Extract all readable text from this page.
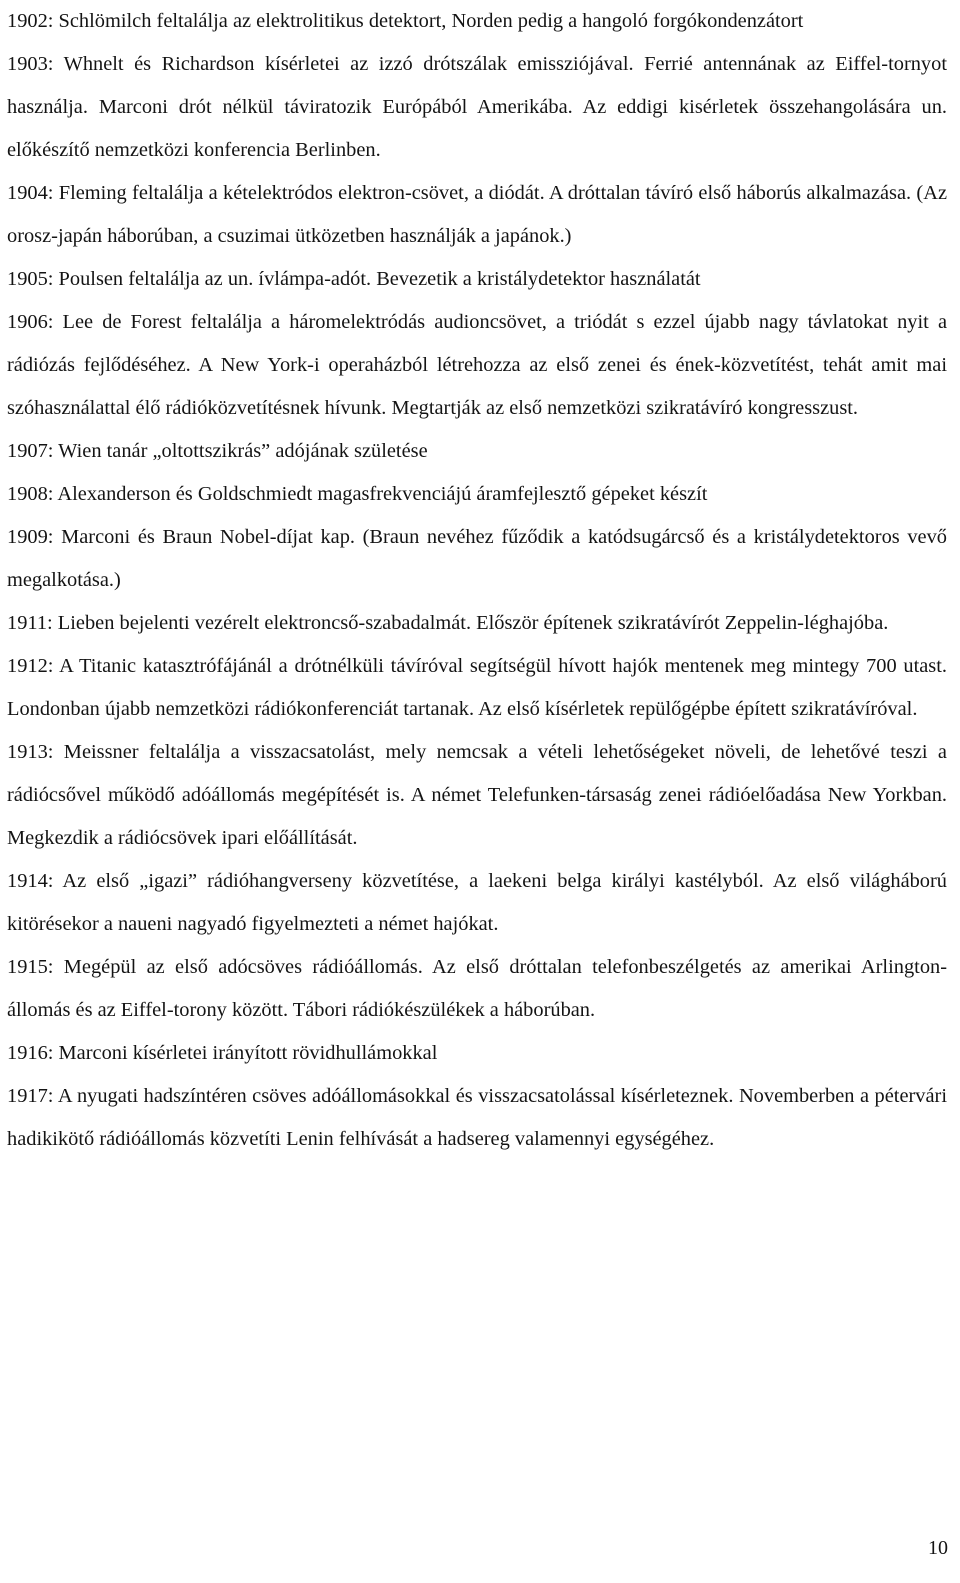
1902: Schlömilch feltalálja az elektrolitikus detektort, Norden pedig a hangoló forgókondenzátort

1903: Whnelt és Richardson kísérletei az izzó drótszálak emissziójával. Ferrié antennának az Eiffel-tornyot használja. Marconi drót nélkül táviratozik Európából Amerikába. Az eddigi kisérletek összehangolására un. előkészítő nemzetközi konferencia Berlinben.

1904: Fleming feltalálja a kételektródos elektron-csövet, a diódát. A dróttalan távíró első háborús alkalmazása. (Az orosz-japán háborúban, a csuzimai ütközetben használják a japánok.)

1905: Poulsen feltalálja az un. ívlámpa-adót. Bevezetik a kristálydetektor használatát

1906: Lee de Forest feltalálja a háromelektródás audioncsövet, a triódát s ezzel újabb nagy távlatokat nyit a rádiózás fejlődéséhez. A New York-i operaházból létrehozza az első zenei és ének-közvetítést, tehát amit mai szóhasználattal élő rádióközvetítésnek hívunk. Megtartják az első nemzetközi szikratávíró kongresszust.

1907: Wien tanár „oltottszikrás” adójának születése

1908: Alexanderson és Goldschmiedt magasfrekvenciájú áramfejlesztő gépeket készít

1909: Marconi és Braun Nobel-díjat kap. (Braun nevéhez fűződik a katódsugárcső és a kristálydetektoros vevő megalkotása.)

1911: Lieben bejelenti vezérelt elektroncső-szabadalmát. Először építenek szikratávírót Zeppelin-léghajóba.

1912: A Titanic katasztrófájánál a drótnélküli távíróval segítségül hívott hajók mentenek meg mintegy 700 utast. Londonban újabb nemzetközi rádiókonferenciát tartanak. Az első kísérletek repülőgépbe épített szikratávíróval.

1913: Meissner feltalálja a visszacsatolást, mely nemcsak a vételi lehetőségeket növeli, de lehetővé teszi a rádiócsővel működő adóállomás megépítését is. A német Telefunken-társaság zenei rádióelőadása New Yorkban. Megkezdik a rádiócsövek ipari előállítását.

1914: Az első „igazi” rádióhangverseny közvetítése, a laekeni belga királyi kastélyból. Az első világháború kitörésekor a naueni nagyadó figyelmezteti a német hajókat.

1915: Megépül az első adócsöves rádióállomás. Az első dróttalan telefonbeszélgetés az amerikai Arlington-állomás és az Eiffel-torony között. Tábori rádiókészülékek a háborúban.

1916: Marconi kísérletei irányított rövidhullámokkal

1917: A nyugati hadszíntéren csöves adóállomásokkal és visszacsatolással kísérleteznek. Novemberben a pétervári hadikikötő rádióállomás közvetíti Lenin felhívását a hadsereg valamennyi egységéhez.

10
